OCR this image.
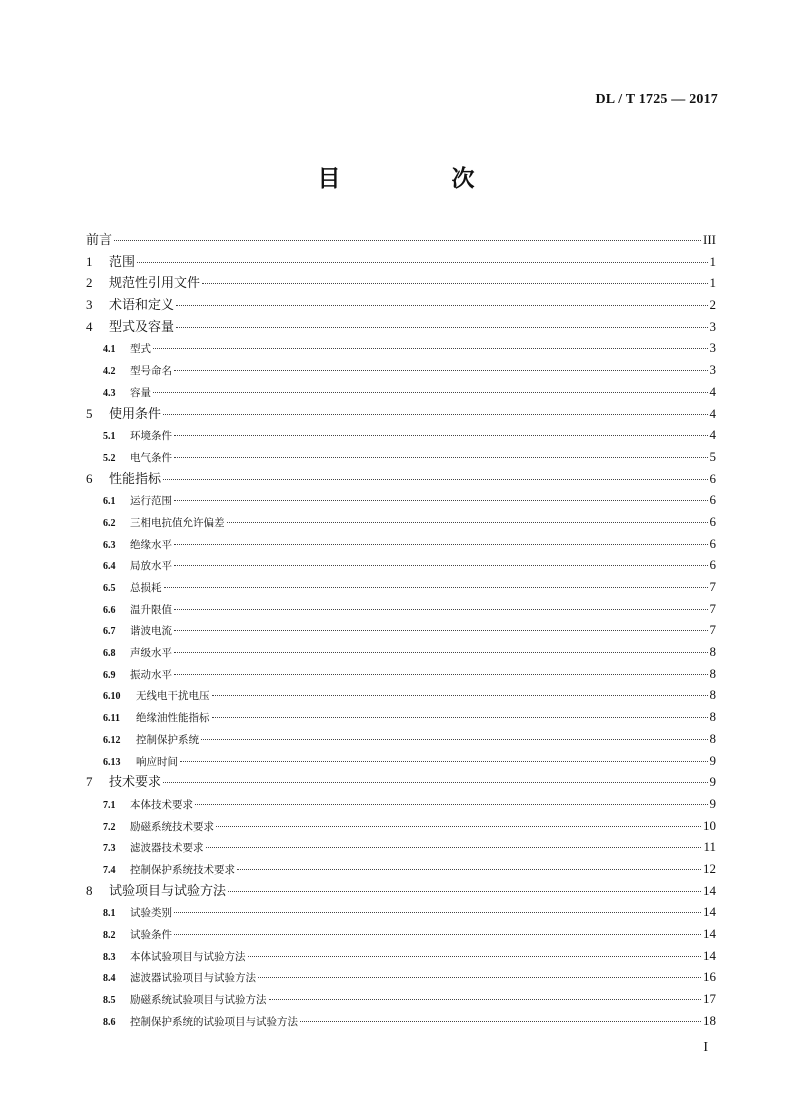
DL / T 1725 — 2017
目　次
前言	III
1	范围	1
2	规范性引用文件	1
3	术语和定义	2
4	型式及容量	3
4.1	型式	3
4.2	型号命名	3
4.3	容量	4
5	使用条件	4
5.1	环境条件	4
5.2	电气条件	5
6	性能指标	6
6.1	运行范围	6
6.2	三相电抗值允许偏差	6
6.3	绝缘水平	6
6.4	局放水平	6
6.5	总损耗	7
6.6	温升限值	7
6.7	谐波电流	7
6.8	声级水平	8
6.9	振动水平	8
6.10	无线电干扰电压	8
6.11	绝缘油性能指标	8
6.12	控制保护系统	8
6.13	响应时间	9
7	技术要求	9
7.1	本体技术要求	9
7.2	励磁系统技术要求	10
7.3	滤波器技术要求	11
7.4	控制保护系统技术要求	12
8	试验项目与试验方法	14
8.1	试验类别	14
8.2	试验条件	14
8.3	本体试验项目与试验方法	14
8.4	滤波器试验项目与试验方法	16
8.5	励磁系统试验项目与试验方法	17
8.6	控制保护系统的试验项目与试验方法	18
I
